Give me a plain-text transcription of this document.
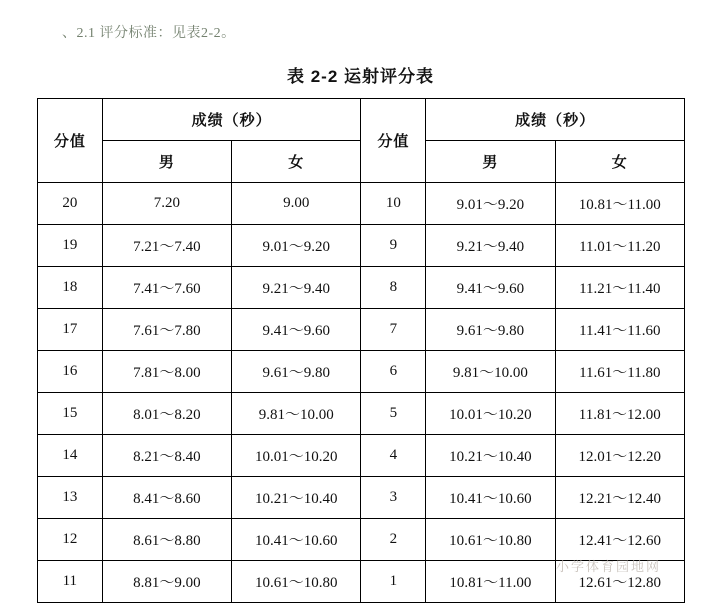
、2.1 评分标准：见表2-2。
表 2-2 运射评分表
分值	成绩（秒）		分值	成绩（秒）	
	男	女		男	女
20	7.20	9.00	10	9.01～9.20	10.81～11.00
19	7.21～7.40	9.01～9.20	9	9.21～9.40	11.01～11.20
18	7.41～7.60	9.21～9.40	8	9.41～9.60	11.21～11.40
17	7.61～7.80	9.41～9.60	7	9.61～9.80	11.41～11.60
16	7.81～8.00	9.61～9.80	6	9.81～10.00	11.61～11.80
15	8.01～8.20	9.81～10.00	5	10.01～10.20	11.81～12.00
14	8.21～8.40	10.01～10.20	4	10.21～10.40	12.01～12.20
13	8.41～8.60	10.21～10.40	3	10.41～10.60	12.21～12.40
12	8.61～8.80	10.41～10.60	2	10.61～10.80	12.41～12.60
11	8.81～9.00	10.61～10.80	1	10.81～11.00	12.61～12.80
小学体育园地网
